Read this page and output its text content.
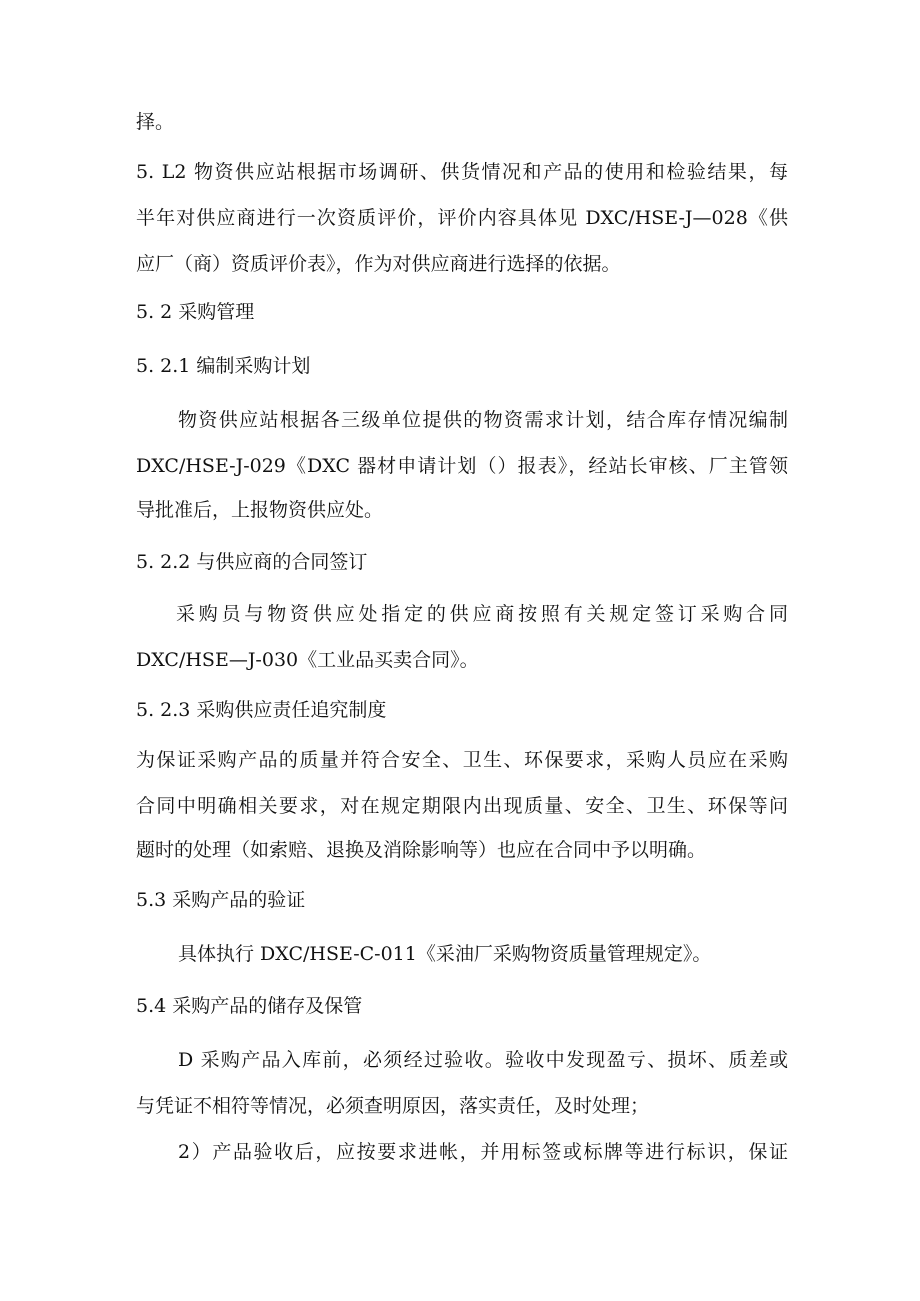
择。

5. L2 物资供应站根据市场调研、供货情况和产品的使用和检验结果，每

半年对供应商进行一次资质评价，评价内容具体见 DXC/HSE-J—028《供

应厂（商）资质评价表》，作为对供应商进行选择的依据。

5. 2 采购管理

5. 2.1 编制采购计划

物资供应站根据各三级单位提供的物资需求计划，结合库存情况编制

DXC/HSE-J-029《DXC 器材申请计划（）报表》，经站长审核、厂主管领

导批准后，上报物资供应处。

5. 2.2 与供应商的合同签订

采购员与物资供应处指定的供应商按照有关规定签订采购合同

DXC/HSE—J-030《工业品买卖合同》。

5. 2.3 采购供应责任追究制度

为保证采购产品的质量并符合安全、卫生、环保要求，采购人员应在采购

合同中明确相关要求，对在规定期限内出现质量、安全、卫生、环保等问

题时的处理（如索赔、退换及消除影响等）也应在合同中予以明确。

5.3 采购产品的验证

具体执行 DXC/HSE-C-011《采油厂采购物资质量管理规定》。

5.4 采购产品的储存及保管

D 采购产品入库前，必须经过验收。验收中发现盈亏、损坏、质差或

与凭证不相符等情况，必须查明原因，落实责任，及时处理；

2）产品验收后，应按要求进帐，并用标签或标牌等进行标识，保证
